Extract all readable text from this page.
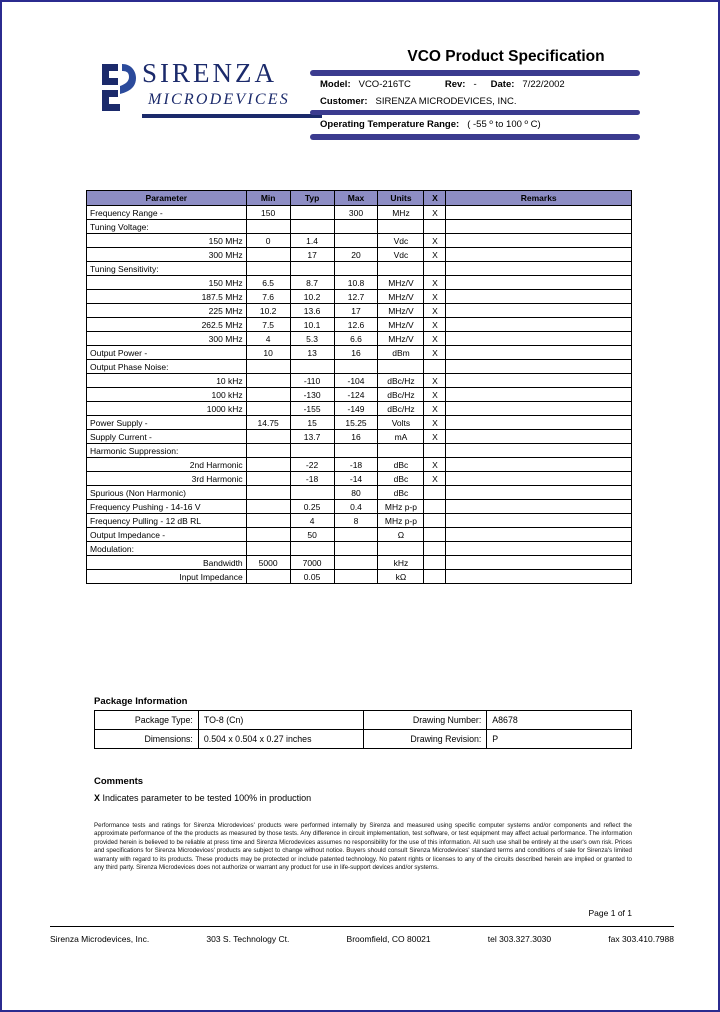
SIRENZA
MICRODEVICES
VCO Product Specification
Model: VCO-216TC	Rev: - Date: 7/22/2002
Customer: SIRENZA MICRODEVICES, INC.
Operating Temperature Range: ( -55 º to 100 º C)
Parameter	Min	Typ	Max	Units	X	Remarks
Frequency Range -	150		300	MHz	X	
Tuning Voltage:						
150 MHz	0	1.4		Vdc	X	
300 MHz		17	20	Vdc	X	
Tuning Sensitivity:						
150 MHz	6.5	8.7	10.8	MHz/V	X	
187.5 MHz	7.6	10.2	12.7	MHz/V	X	
225 MHz	10.2	13.6	17	MHz/V	X	
262.5 MHz	7.5	10.1	12.6	MHz/V	X	
300 MHz	4	5.3	6.6	MHz/V	X	
Output Power -	10	13	16	dBm	X	
Output Phase Noise:						
10 kHz		-110	-104	dBc/Hz	X	
100 kHz		-130	-124	dBc/Hz	X	
1000 kHz		-155	-149	dBc/Hz	X	
Power Supply -	14.75	15	15.25	Volts	X	
Supply Current -		13.7	16	mA	X	
Harmonic Suppression:						
2nd Harmonic		-22	-18	dBc	X	
3rd Harmonic		-18	-14	dBc	X	
Spurious (Non Harmonic)			80	dBc		
Frequency Pushing - 14-16 V		0.25	0.4	MHz p-p		
Frequency Pulling - 12 dB RL		4	8	MHz p-p		
Output Impedance -		50		Ω		
Modulation:						
Bandwidth	5000	7000		kHz		
Input Impedance		0.05		kΩ		
Package Information
Package Type:	TO-8 (Cn)	Drawing Number:	A8678
Dimensions:	0.504 x 0.504 x 0.27 inches	Drawing Revision:	P
Comments
X Indicates parameter to be tested 100% in production
Performance tests and ratings for Sirenza Microdevices' products were performed internally by Sirenza and measured using specific computer systems and/or components and reflect the approximate performance of the the products as measured by those tests. Any difference in circuit implementation, test software, or test equipment may affect actual performance. The information provided herein is believed to be reliable at press time and Sirenza Microdevices assumes no responsibility for the use of this information. All such use shall be entirely at the user's own risk. Prices and specifications for Sirenza Microdevices' products are subject to change without notice. Buyers should consult Sirenza Microdevices' standard terms and conditions of sale for Sirenza's limited warranty with regard to its products. These products may be protected or include patented technology. No patent rights or licenses to any of the circuits described herein are implied or granted to any third party. Sirenza Microdevices does not authorize or warrant any product for use in life-support devices and/or systems.
Page 1 of 1
Sirenza Microdevices, Inc.	303 S. Technology Ct.	Broomfield, CO 80021	tel 303.327.3030	fax 303.410.7988
